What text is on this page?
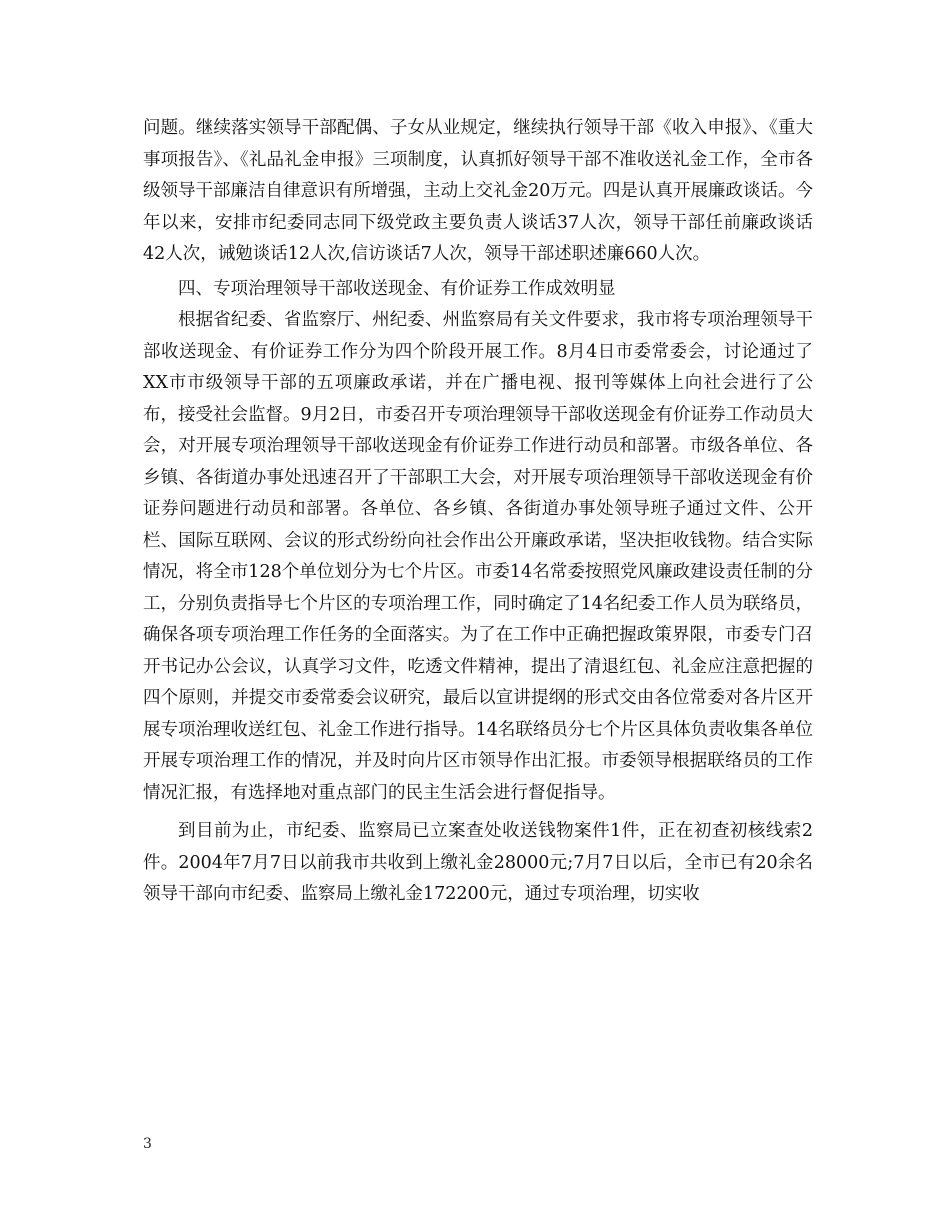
问题。继续落实领导干部配偶、子女从业规定，继续执行领导干部《收入申报》、《重大事项报告》、《礼品礼金申报》三项制度，认真抓好领导干部不准收送礼金工作，全市各级领导干部廉洁自律意识有所增强，主动上交礼金20万元。四是认真开展廉政谈话。今年以来，安排市纪委同志同下级党政主要负责人谈话37人次，领导干部任前廉政谈话42人次，诫勉谈话12人次,信访谈话7人次，领导干部述职述廉660人次。

四、专项治理领导干部收送现金、有价证券工作成效明显

根据省纪委、省监察厅、州纪委、州监察局有关文件要求，我市将专项治理领导干部收送现金、有价证券工作分为四个阶段开展工作。8月4日市委常委会，讨论通过了XX市市级领导干部的五项廉政承诺，并在广播电视、报刊等媒体上向社会进行了公布，接受社会监督。9月2日，市委召开专项治理领导干部收送现金有价证券工作动员大会，对开展专项治理领导干部收送现金有价证券工作进行动员和部署。市级各单位、各乡镇、各街道办事处迅速召开了干部职工大会，对开展专项治理领导干部收送现金有价证券问题进行动员和部署。各单位、各乡镇、各街道办事处领导班子通过文件、公开栏、国际互联网、会议的形式纷纷向社会作出公开廉政承诺，坚决拒收钱物。结合实际情况，将全市128个单位划分为七个片区。市委14名常委按照党风廉政建设责任制的分工，分别负责指导七个片区的专项治理工作，同时确定了14名纪委工作人员为联络员，确保各项专项治理工作任务的全面落实。为了在工作中正确把握政策界限，市委专门召开书记办公会议，认真学习文件，吃透文件精神，提出了清退红包、礼金应注意把握的四个原则，并提交市委常委会议研究，最后以宣讲提纲的形式交由各位常委对各片区开展专项治理收送红包、礼金工作进行指导。14名联络员分七个片区具体负责收集各单位开展专项治理工作的情况，并及时向片区市领导作出汇报。市委领导根据联络员的工作情况汇报，有选择地对重点部门的民主生活会进行督促指导。

到目前为止，市纪委、监察局已立案查处收送钱物案件1件，正在初查初核线索2件。2004年7月7日以前我市共收到上缴礼金28000元;7月7日以后，全市已有20余名领导干部向市纪委、监察局上缴礼金172200元，通过专项治理，切实收

3
